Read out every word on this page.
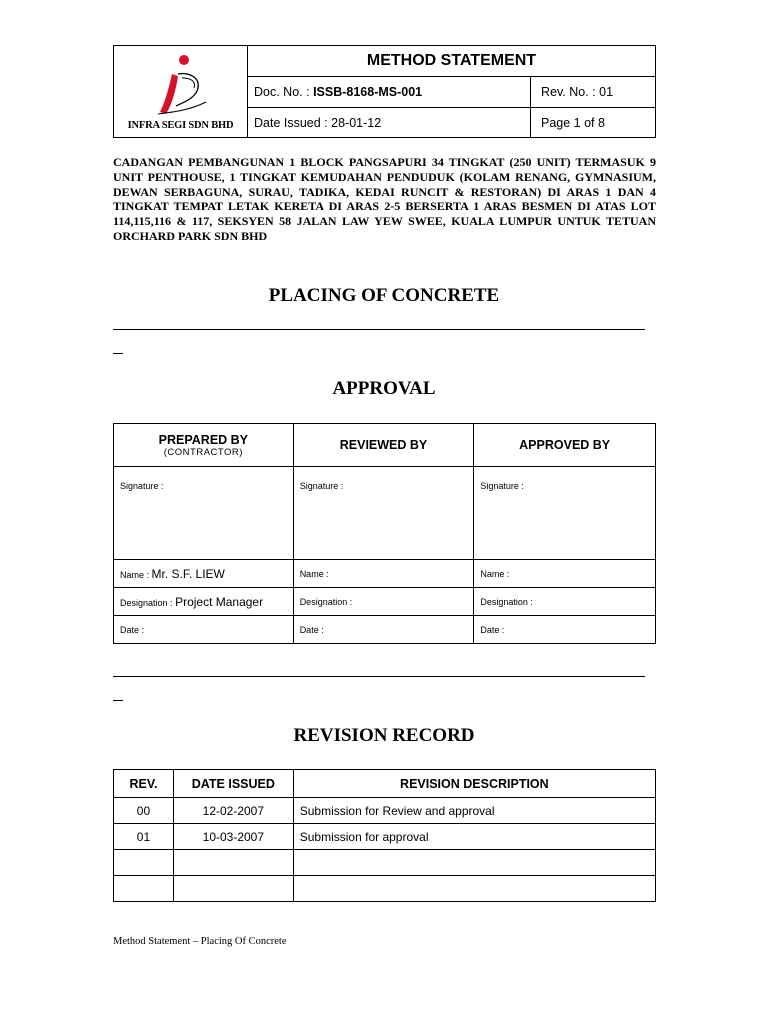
INFRA SEGI SDN BHD
METHOD STATEMENT
Doc. No. : ISSB-8168-MS-001	Rev. No. : 01
Date Issued : 28-01-12	Page 1 of 8
CADANGAN PEMBANGUNAN 1 BLOCK PANGSAPURI 34 TINGKAT (250 UNIT) TERMASUK 9 UNIT PENTHOUSE, 1 TINGKAT KEMUDAHAN PENDUDUK (KOLAM RENANG, GYMNASIUM, DEWAN SERBAGUNA, SURAU, TADIKA, KEDAI RUNCIT & RESTORAN) DI ARAS 1 DAN 4 TINGKAT TEMPAT LETAK KERETA DI ARAS 2-5 BERSERTA 1 ARAS BESMEN DI ATAS LOT 114,115,116 & 117, SEKSYEN 58 JALAN LAW YEW SWEE, KUALA LUMPUR UNTUK TETUAN ORCHARD PARK SDN BHD
PLACING OF CONCRETE
APPROVAL
PREPARED BY
(CONTRACTOR)	REVIEWED BY	APPROVED BY
Signature :	Signature :	Signature :
Name : Mr. S.F. LIEW	Name :	Name :
Designation : Project Manager	Designation :	Designation :
Date :	Date :	Date :
REVISION RECORD
REV.	DATE ISSUED	REVISION DESCRIPTION
00	12-02-2007	Submission for Review and approval
01	10-03-2007	Submission for approval

Method Statement – Placing Of Concrete
